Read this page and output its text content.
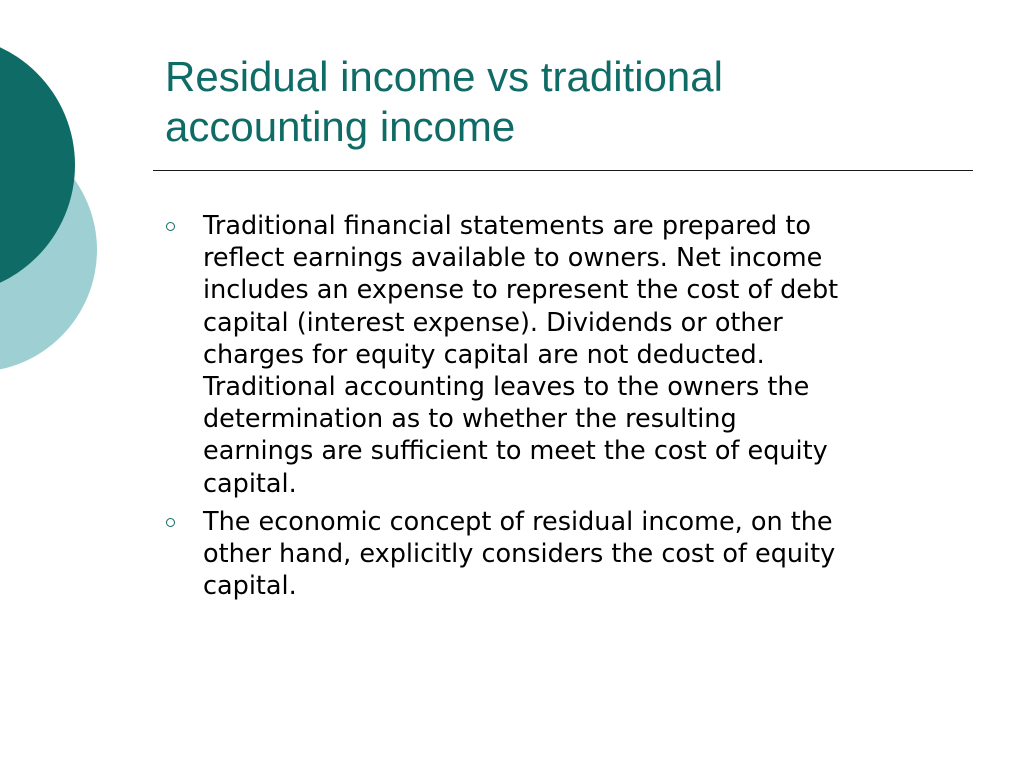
Residual income vs traditional
accounting income
Traditional financial statements are prepared to
reflect earnings available to owners. Net income
includes an expense to represent the cost of debt
capital (interest expense). Dividends or other
charges for equity capital are not deducted.
Traditional accounting leaves to the owners the
determination as to whether the resulting
earnings are sufficient to meet the cost of equity
capital.
The economic concept of residual income, on the
other hand, explicitly considers the cost of equity
capital.
